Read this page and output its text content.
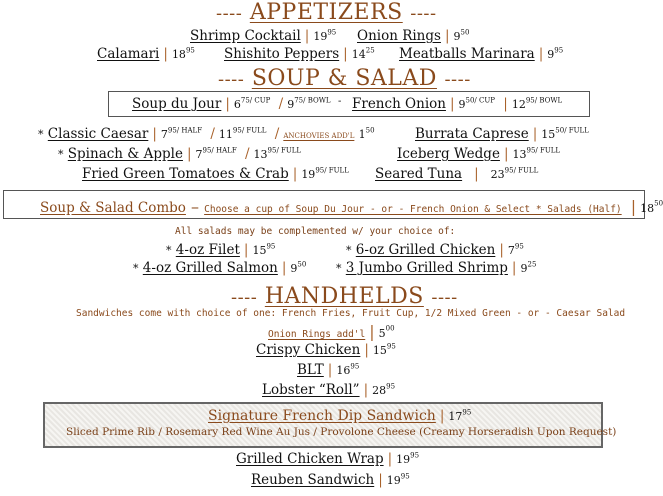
---- APPETIZERS ----
Shrimp Cocktail | $19^{95}$ Onion Rings | $9^{50}$
Calamari | $18^{95}$ Shishito Peppers | $14^{25}$ Meatballs Marinara | $9^{95}$
---- SOUP & SALAD ----
Soup du Jour | $6^{75/ CUP} / 9^{75/ BOWL}$ - French Onion | $9^{50/ CUP}$ | $12^{95/ BOWL}$
* Classic Caesar | $7^{95/ HALF} / 11^{95/ FULL}$ / ANCHOVIES ADD'L $1^{50}$	Burrata Caprese | $15^{50/ FULL}$
* Spinach & Apple | $7^{95/ HALF} / 13^{95/ FULL}$	Iceberg Wedge | $13^{95/ FULL}$
Fried Green Tomatoes & Crab | $19^{95/ FULL}$ Seared Tuna | $23^{95/ FULL}$
Soup & Salad Combo – Choose a cup of Soup Du Jour - or - French Onion & Select * Salads (Half) | $18^{50}$
All salads may be complemented w/ your choice of:
* 4-oz Filet | $15^{95}$	* 6-oz Grilled Chicken | $7^{95}$
* 4-oz Grilled Salmon | $9^{50}$	* 3 Jumbo Grilled Shrimp | $9^{25}$
---- HANDHELDS ----
Sandwiches come with choice of one: French Fries, Fruit Cup, 1/2 Mixed Green - or - Caesar Salad
Onion Rings add'l | $5^{00}$
Crispy Chicken | $15^{95}$
BLT | $16^{95}$
Lobster “Roll” | $28^{95}$
Signature French Dip Sandwich | $17^{95}$
Sliced Prime Rib / Rosemary Red Wine Au Jus / Provolone Cheese (Creamy Horseradish Upon Request)
Grilled Chicken Wrap | $19^{95}$
Reuben Sandwich | $19^{95}$
